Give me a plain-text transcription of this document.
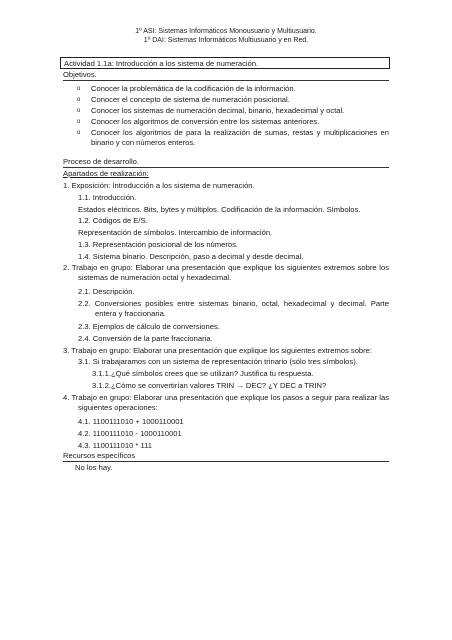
1º ASI: Sistemas Informáticos Monousuario y Multiusuario.
1º DAI: Sistemas Informáticos Multiusuario y en Red.
Actividad 1.1a: Introducción a los sistema de numeración.
Objetivos.
o Conocer la problemática de la codificación de la información.
o Conocer el concepto de sistema de numeración posicional.
o Conocer los sistemas de numeración decimal, binario, hexadecimal y octal.
o Conocer los algoritmos de conversión entre los sistemas anteriores.
o Conocer los algoritmos de para la realización de sumas, restas y multiplicaciones en binario y con números enteros.
Proceso de desarrollo.
Apartados de realización:
1. Exposición: Introducción a los sistema de numeración.
1.1. Introducción.
Estados eléctricos. Bits, bytes y múltiplos. Codificación de la información. Símbolos.
1.2. Códigos de E/S.
Representación de símbolos. Intercambio de información.
1.3. Representación posicional de los números.
1.4. Sistema binario. Descripción, paso a decimal y desde decimal.
2. Trabajo en grupo: Elaborar una presentación que explique los siguientes extremos sobre los sistemas de numeración octal y hexadecimal.
2.1. Descripción.
2.2. Conversiones posibles entre sistemas binario, octal, hexadecimal y decimal. Parte entera y fraccionaria.
2.3. Ejemplos de cálculo de conversiones.
2.4. Conversión de la parte fraccionaria.
3. Trabajo en grupo: Elaborar una presentación que explique los siguientes extremos sobre:
3.1. Si trabajaramos con un sistema de representación trinario (sólo tres símbolos).
3.1.1.¿Qué símbolos crees que se utilizan? Justifica tu respuesta.
3.1.2.¿Cómo se convertirían valores TRIN → DEC? ¿Y DEC a TRIN?
4. Trabajo en grupo: Elaborar una presentación que explique los pasos a seguir para realizar las siguientes operaciones:
4.1. 1100111010 + 1000110001
4.2. 1100111010 - 1000110001
4.3. 1100111010 * 111
Recursos específicos
No los hay.
